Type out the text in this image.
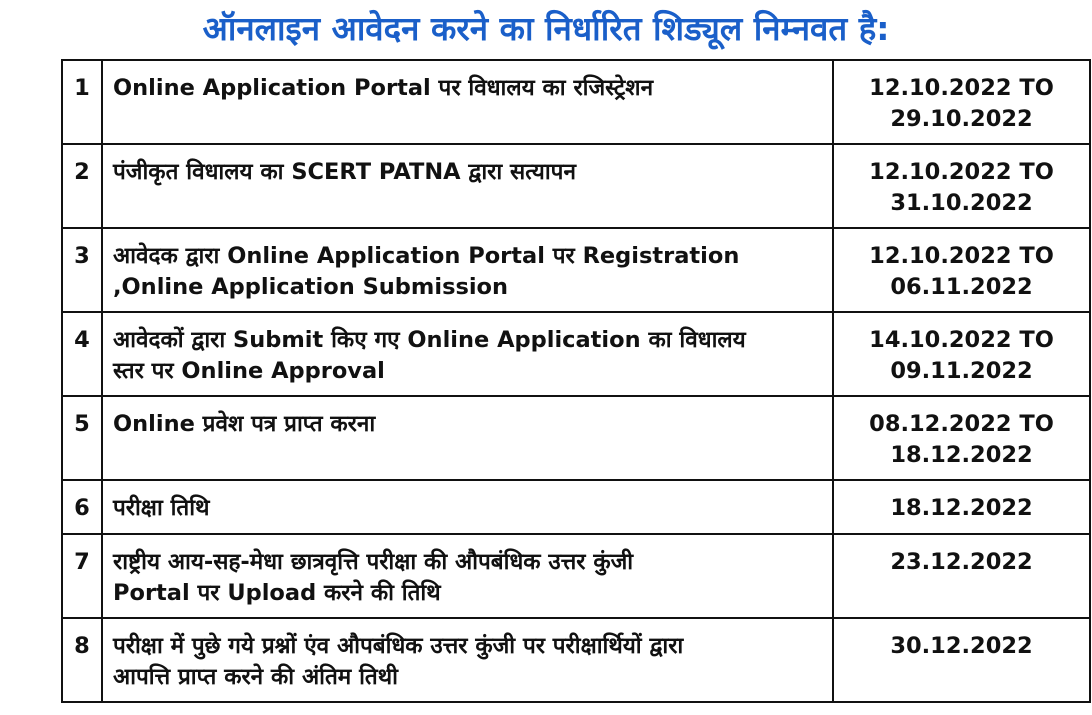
ऑनलाइन आवेदन करने का निर्धारित शिड्यूल निम्नवत है:
1	Online Application Portal पर विधालय का रजिस्ट्रेशन	12.10.2022 TO
29.10.2022

2	पंजीकृत विधालय का SCERT PATNA द्वारा सत्यापन	12.10.2022 TO
31.10.2022

3	आवेदक द्वारा Online Application Portal पर Registration
,Online Application Submission	12.10.2022 TO
06.11.2022

4	आवेदकों द्वारा Submit किए गए Online Application का विधालय
स्तर पर Online Approval	14.10.2022 TO
09.11.2022

5	Online प्रवेश पत्र प्राप्त करना	08.12.2022 TO
18.12.2022

6	परीक्षा तिथि	18.12.2022

7	राष्ट्रीय आय-सह-मेधा छात्रवृत्ति परीक्षा की औपबंधिक उत्तर कुंजी
Portal पर Upload करने की तिथि	23.12.2022

8	परीक्षा में पुछे गये प्रश्नों एंव औपबंधिक उत्तर कुंजी पर परीक्षार्थियों द्वारा
आपत्ति प्राप्त करने की अंतिम तिथी	30.12.2022
